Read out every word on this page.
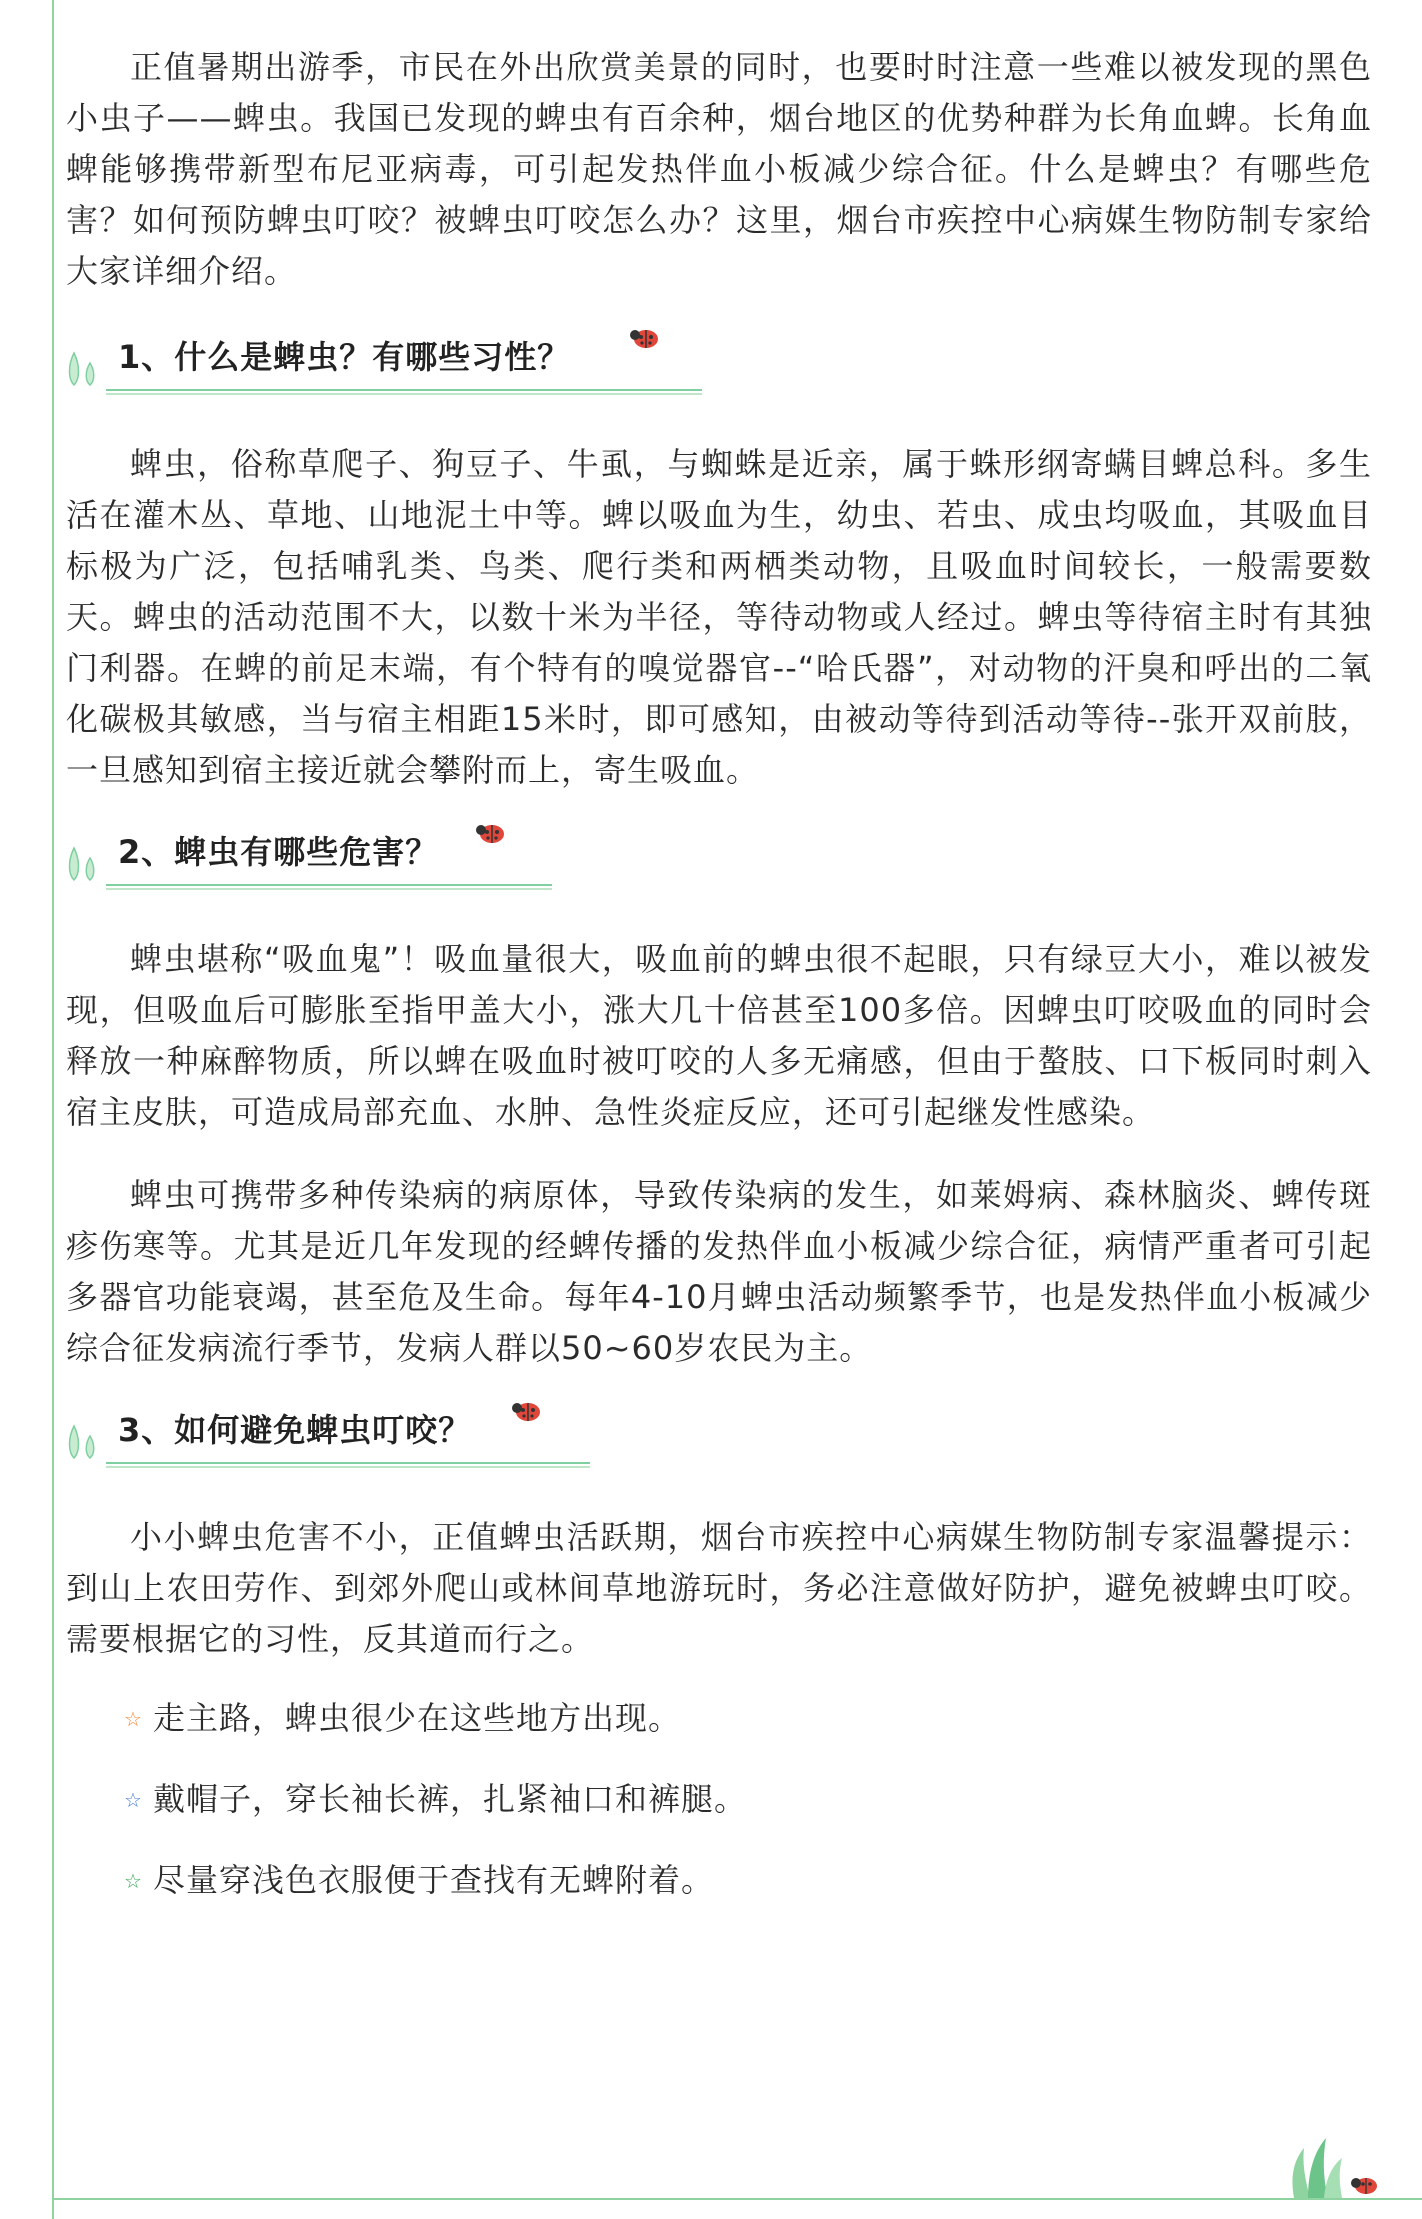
正值暑期出游季，市民在外出欣赏美景的同时，也要时时注意一些难以被发现的黑色小虫子——蜱虫。我国已发现的蜱虫有百余种，烟台地区的优势种群为长角血蜱。长角血蜱能够携带新型布尼亚病毒，可引起发热伴血小板减少综合征。什么是蜱虫？有哪些危害？如何预防蜱虫叮咬？被蜱虫叮咬怎么办？这里，烟台市疾控中心病媒生物防制专家给大家详细介绍。

1、什么是蜱虫？有哪些习性？

蜱虫，俗称草爬子、狗豆子、牛虱，与蜘蛛是近亲，属于蛛形纲寄螨目蜱总科。多生活在灌木丛、草地、山地泥土中等。蜱以吸血为生，幼虫、若虫、成虫均吸血，其吸血目标极为广泛，包括哺乳类、鸟类、爬行类和两栖类动物，且吸血时间较长，一般需要数天。蜱虫的活动范围不大，以数十米为半径，等待动物或人经过。蜱虫等待宿主时有其独门利器。在蜱的前足末端，有个特有的嗅觉器官--“哈氏器”，对动物的汗臭和呼出的二氧化碳极其敏感，当与宿主相距15米时，即可感知，由被动等待到活动等待--张开双前肢，一旦感知到宿主接近就会攀附而上，寄生吸血。

2、蜱虫有哪些危害？

蜱虫堪称“吸血鬼”！吸血量很大，吸血前的蜱虫很不起眼，只有绿豆大小，难以被发现，但吸血后可膨胀至指甲盖大小，涨大几十倍甚至100多倍。因蜱虫叮咬吸血的同时会释放一种麻醉物质，所以蜱在吸血时被叮咬的人多无痛感，但由于螯肢、口下板同时刺入宿主皮肤，可造成局部充血、水肿、急性炎症反应，还可引起继发性感染。

蜱虫可携带多种传染病的病原体，导致传染病的发生，如莱姆病、森林脑炎、蜱传斑疹伤寒等。尤其是近几年发现的经蜱传播的发热伴血小板减少综合征，病情严重者可引起多器官功能衰竭，甚至危及生命。每年4-10月蜱虫活动频繁季节，也是发热伴血小板减少综合征发病流行季节，发病人群以50~60岁农民为主。

3、如何避免蜱虫叮咬？

小小蜱虫危害不小，正值蜱虫活跃期，烟台市疾控中心病媒生物防制专家温馨提示：到山上农田劳作、到郊外爬山或林间草地游玩时，务必注意做好防护，避免被蜱虫叮咬。需要根据它的习性，反其道而行之。

☆ 走主路，蜱虫很少在这些地方出现。
☆ 戴帽子，穿长袖长裤，扎紧袖口和裤腿。
☆ 尽量穿浅色衣服便于查找有无蜱附着。
